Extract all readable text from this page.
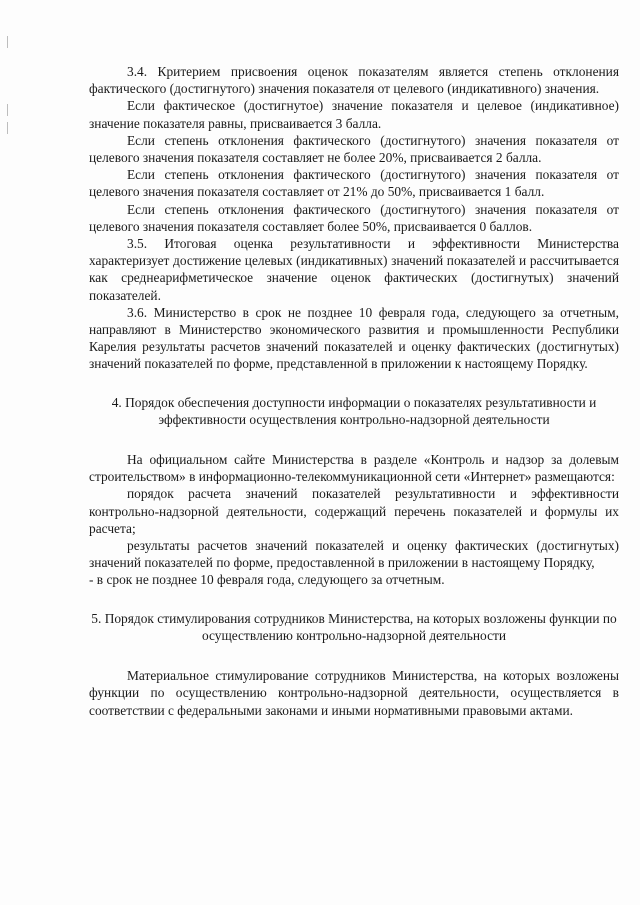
3.4. Критерием присвоения оценок показателям является степень отклонения фактического (достигнутого) значения показателя от целевого (индикативного) значения.

Если фактическое (достигнутое) значение показателя и целевое (индикативное) значение показателя равны, присваивается 3 балла.

Если степень отклонения фактического (достигнутого) значения показателя от целевого значения показателя составляет не более 20%, присваивается 2 балла.

Если степень отклонения фактического (достигнутого) значения показателя от целевого значения показателя составляет от 21% до 50%, присваивается 1 балл.

Если степень отклонения фактического (достигнутого) значения показателя от целевого значения показателя составляет более 50%, присваивается 0 баллов.

3.5. Итоговая оценка результативности и эффективности Министерства характеризует достижение целевых (индикативных) значений показателей и рассчитывается как среднеарифметическое значение оценок фактических (достигнутых) значений показателей.

3.6. Министерство в срок не позднее 10 февраля года, следующего за отчетным, направляют в Министерство экономического развития и промышленности Республики Карелия результаты расчетов значений показателей и оценку фактических (достигнутых) значений показателей по форме, представленной в приложении к настоящему Порядку.

4. Порядок обеспечения доступности информации о показателях результативности и эффективности осуществления контрольно-надзорной деятельности

На официальном сайте Министерства в разделе «Контроль и надзор за долевым строительством» в информационно-телекоммуникационной сети «Интернет» размещаются:

порядок расчета значений показателей результативности и эффективности контрольно-надзорной деятельности, содержащий перечень показателей и формулы их расчета;

результаты расчетов значений показателей и оценку фактических (достигнутых) значений показателей по форме, предоставленной в приложении в настоящему Порядку,

- в срок не позднее 10 февраля года, следующего за отчетным.

5. Порядок стимулирования сотрудников Министерства, на которых возложены функции по осуществлению контрольно-надзорной деятельности

Материальное стимулирование сотрудников Министерства, на которых возложены функции по осуществлению контрольно-надзорной деятельности, осуществляется в соответствии с федеральными законами и иными нормативными правовыми актами.
